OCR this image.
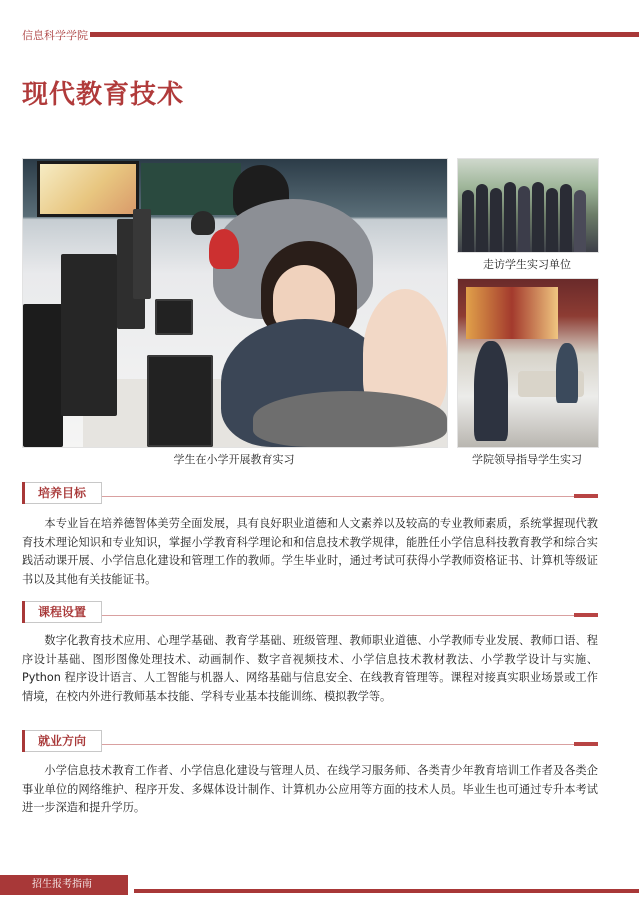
信息科学学院
现代教育技术
学生在小学开展教育实习
走访学生实习单位
学院领导指导学生实习
培养目标
本专业旨在培养德智体美劳全面发展，具有良好职业道德和人文素养以及较高的专业教师素质，系统掌握现代教育技术理论知识和专业知识，掌握小学教育科学理论和和信息技术教学规律，能胜任小学信息科技教育教学和综合实践活动课开展、小学信息化建设和管理工作的教师。学生毕业时，通过考试可获得小学教师资格证书、计算机等级证书以及其他有关技能证书。
课程设置
数字化教育技术应用、心理学基础、教育学基础、班级管理、教师职业道德、小学教师专业发展、教师口语、程序设计基础、图形图像处理技术、动画制作、数字音视频技术、小学信息技术教材教法、小学教学设计与实施、Python 程序设计语言、人工智能与机器人、网络基础与信息安全、在线教育管理等。课程对接真实职业场景或工作情境，在校内外进行教师基本技能、学科专业基本技能训练、模拟教学等。
就业方向
小学信息技术教育工作者、小学信息化建设与管理人员、在线学习服务师、各类青少年教育培训工作者及各类企事业单位的网络维护、程序开发、多媒体设计制作、计算机办公应用等方面的技术人员。毕业生也可通过专升本考试进一步深造和提升学历。
招生报考指南
